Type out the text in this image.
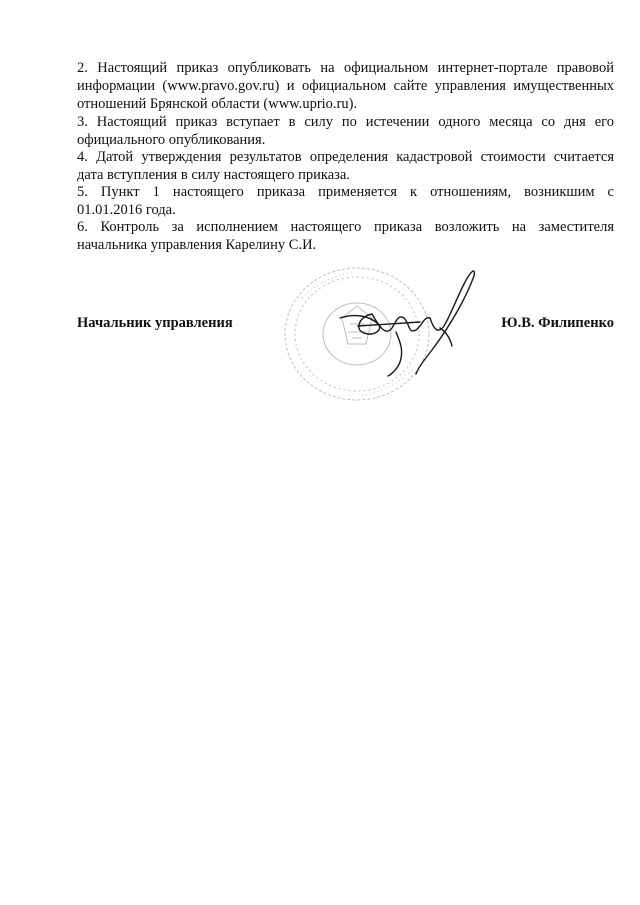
2. Настоящий приказ опубликовать на официальном интернет-портале правовой
информации (www.pravo.gov.ru) и официальном сайте управления имущественных
отношений Брянской области (www.uprio.ru).
3. Настоящий приказ вступает в силу по истечении одного месяца со дня его
официального опубликования.
4. Датой утверждения результатов определения кадастровой стоимости считается
дата вступления в силу настоящего приказа.
5. Пункт 1 настоящего приказа применяется к отношениям, возникшим с
01.01.2016 года.
6. Контроль за исполнением настоящего приказа возложить на заместителя
начальника управления Карелину С.И.
Начальник управления	Ю.В. Филипенко
